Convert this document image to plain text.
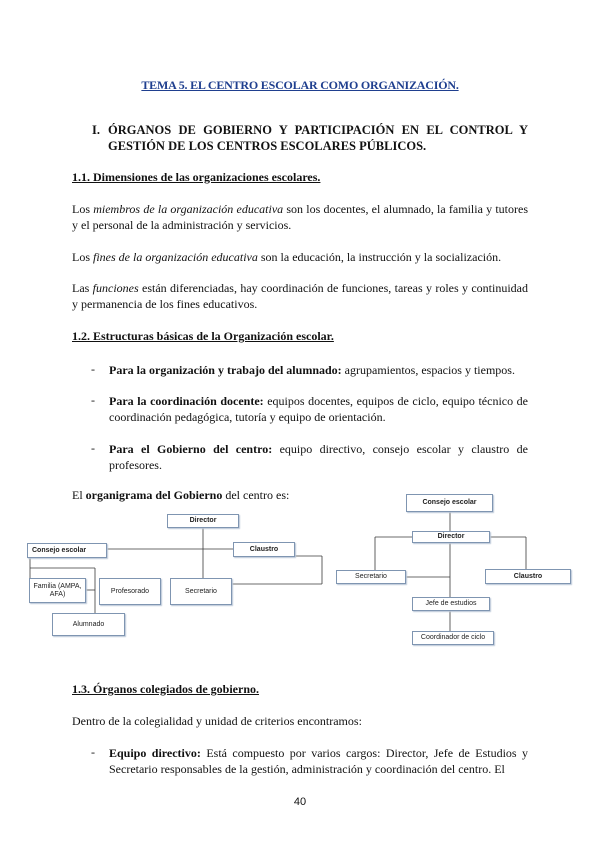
TEMA 5. EL CENTRO ESCOLAR COMO ORGANIZACIÓN.
I. ÓRGANOS DE GOBIERNO Y PARTICIPACIÓN EN EL CONTROL Y GESTIÓN DE LOS CENTROS ESCOLARES PÚBLICOS.
1.1. Dimensiones de las organizaciones escolares.
Los miembros de la organización educativa son los docentes, el alumnado, la familia y tutores y el personal de la administración y servicios.
Los fines de la organización educativa son la educación, la instrucción y la socialización.
Las funciones están diferenciadas, hay coordinación de funciones, tareas y roles y continuidad y permanencia de los fines educativos.
1.2. Estructuras básicas de la Organización escolar.
- Para la organización y trabajo del alumnado: agrupamientos, espacios y tiempos.
- Para la coordinación docente: equipos docentes, equipos de ciclo, equipo técnico de coordinación pedagógica, tutoría y equipo de orientación.
- Para el Gobierno del centro: equipo directivo, consejo escolar y claustro de profesores.
El organigrama del Gobierno del centro es:
Director
Consejo escolar	Claustro
Familia (AMPA, AFA)	Profesorado	Secretario
Alumnado
Consejo escolar
Director
Secretario	Claustro
Jefe de estudios
Coordinador de ciclo
1.3. Órganos colegiados de gobierno.
Dentro de la colegialidad y unidad de criterios encontramos:
- Equipo directivo: Está compuesto por varios cargos: Director, Jefe de Estudios y Secretario responsables de la gestión, administración y coordinación del centro. El
40
